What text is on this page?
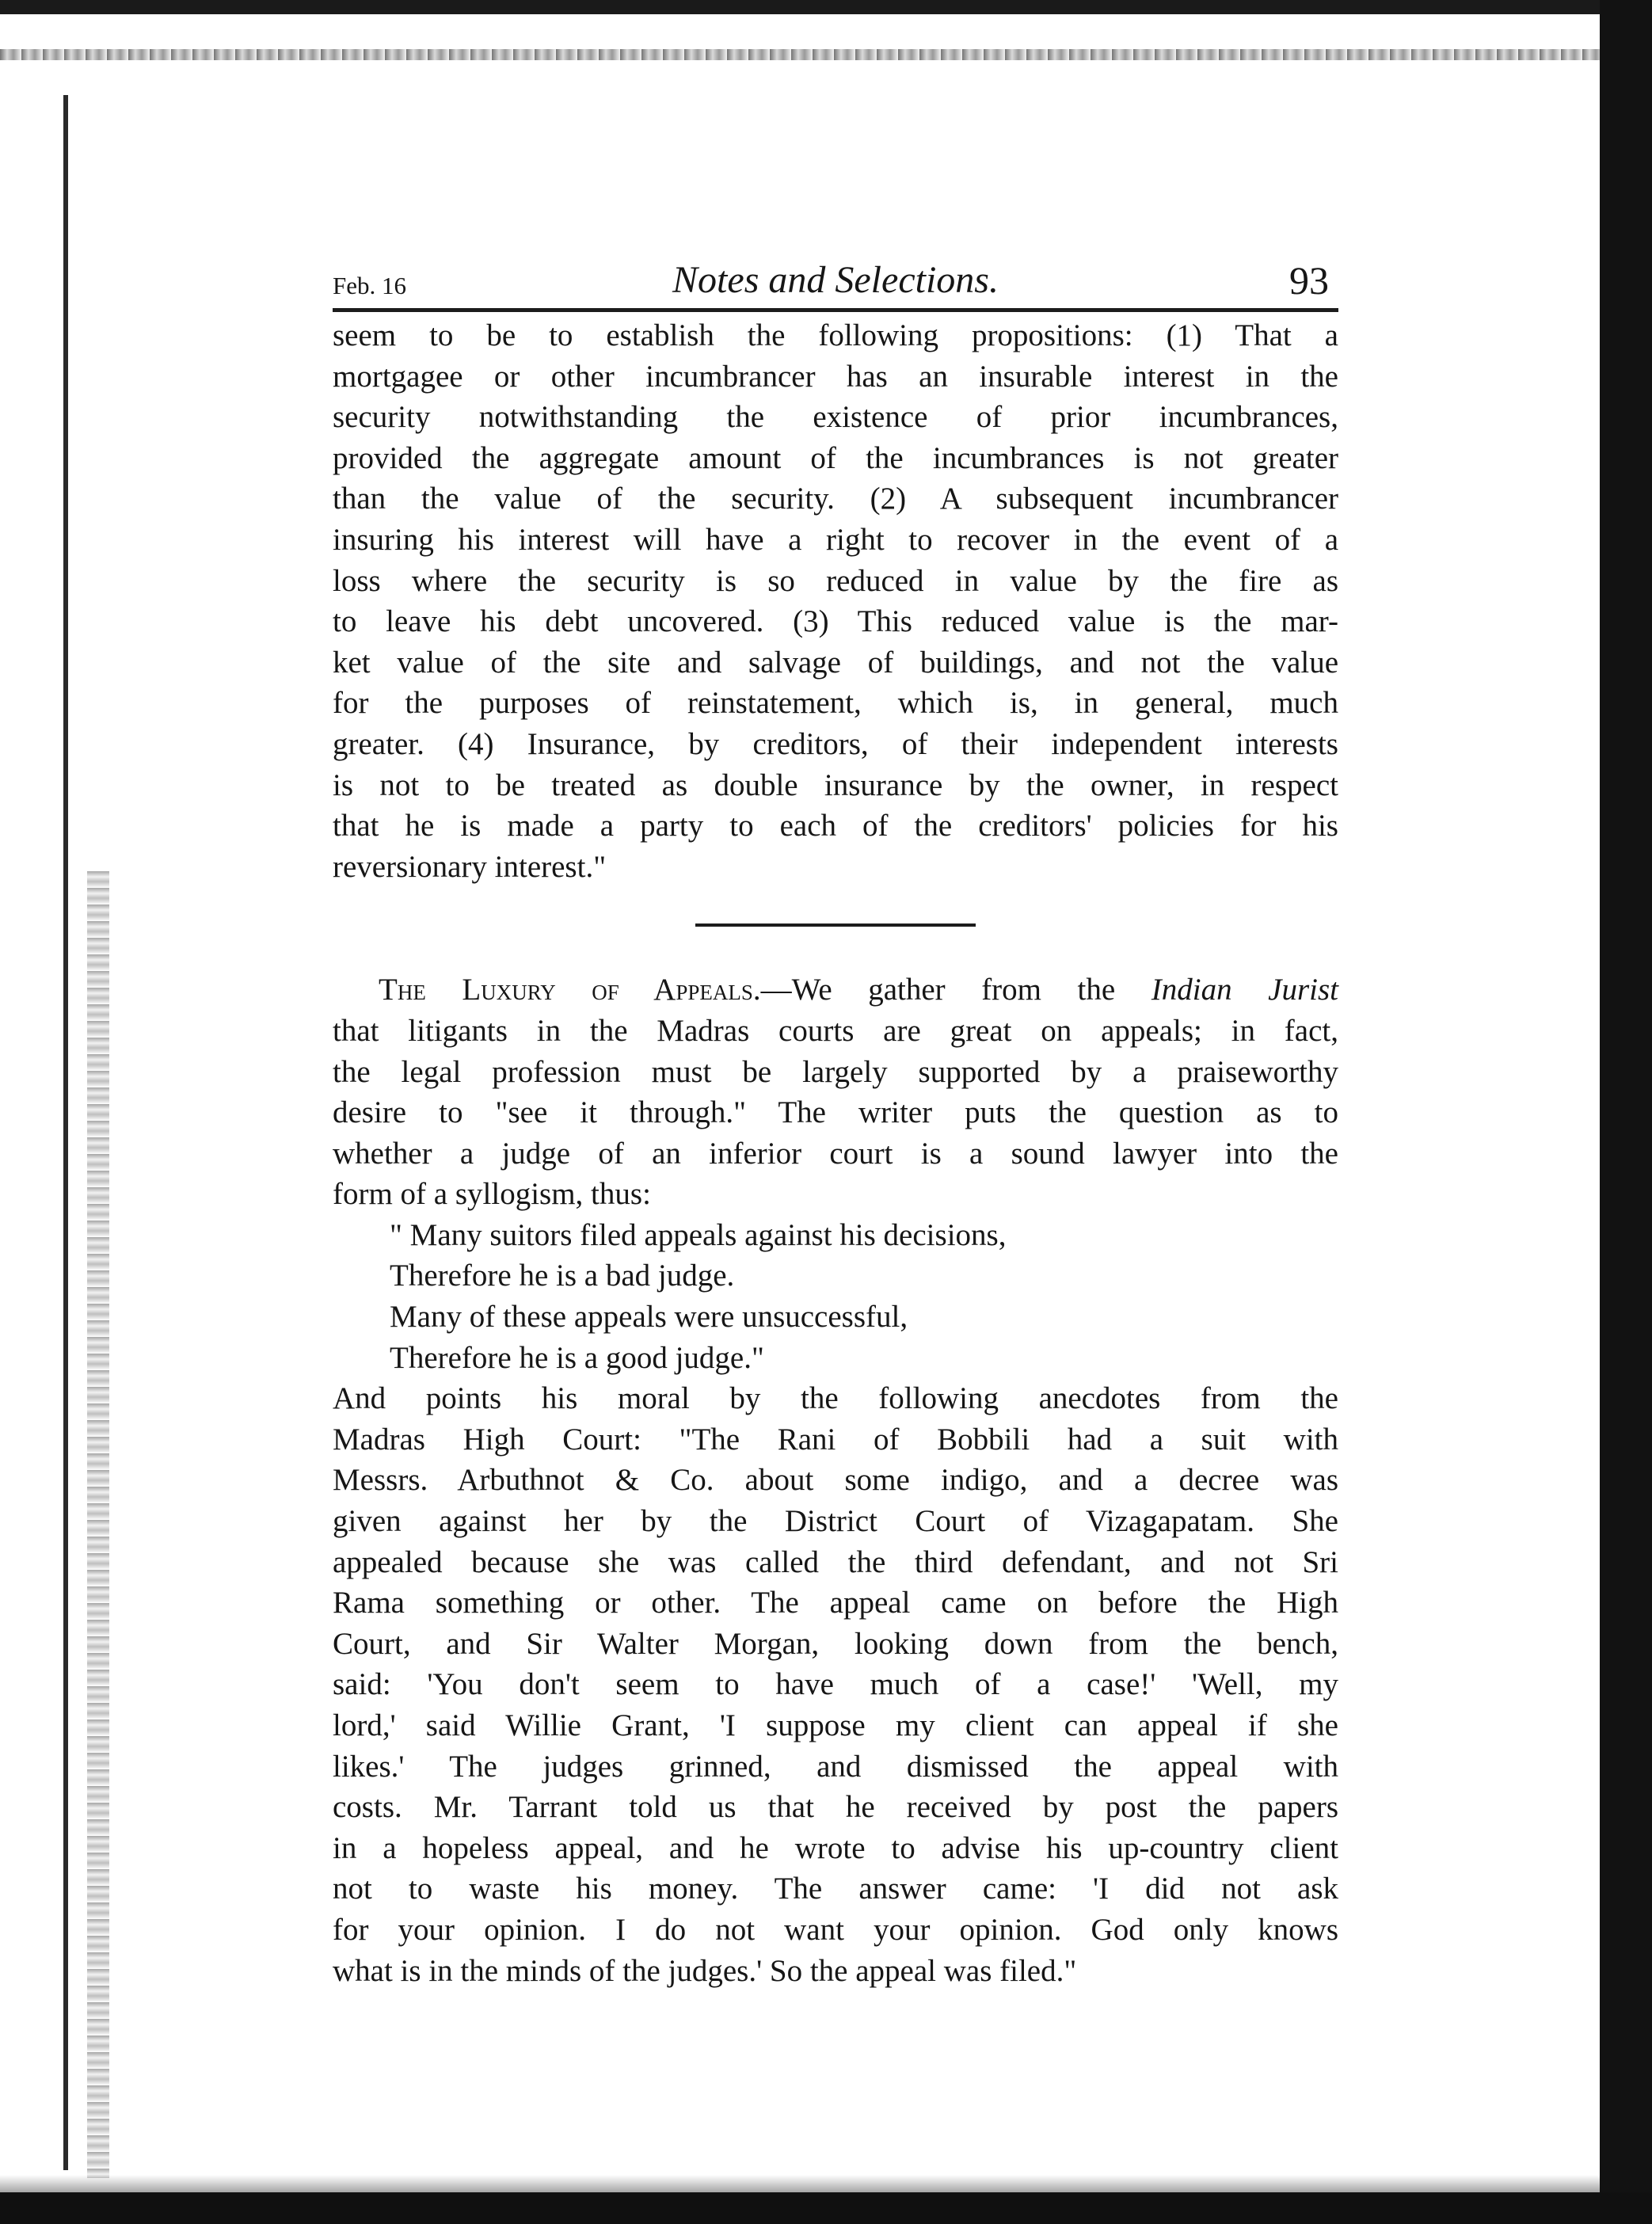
Feb. 16	Notes and Selections.	93
seem to be to establish the following propositions: (1) That a
mortgagee or other incumbrancer has an insurable interest in the
security notwithstanding the existence of prior incumbrances,
provided the aggregate amount of the incumbrances is not greater
than the value of the security. (2) A subsequent incumbrancer
insuring his interest will have a right to recover in the event of a
loss where the security is so reduced in value by the fire as
to leave his debt uncovered. (3) This reduced value is the mar-
ket value of the site and salvage of buildings, and not the value
for the purposes of reinstatement, which is, in general, much
greater. (4) Insurance, by creditors, of their independent interests
is not to be treated as double insurance by the owner, in respect
that he is made a party to each of the creditors' policies for his
reversionary interest."
The Luxury of Appeals.—We gather from the Indian Jurist
that litigants in the Madras courts are great on appeals; in fact,
the legal profession must be largely supported by a praiseworthy
desire to "see it through." The writer puts the question as to
whether a judge of an inferior court is a sound lawyer into the
form of a syllogism, thus:
" Many suitors filed appeals against his decisions,
Therefore he is a bad judge.
Many of these appeals were unsuccessful,
Therefore he is a good judge."
And points his moral by the following anecdotes from the
Madras High Court: "The Rani of Bobbili had a suit with
Messrs. Arbuthnot & Co. about some indigo, and a decree was
given against her by the District Court of Vizagapatam. She
appealed because she was called the third defendant, and not Sri
Rama something or other. The appeal came on before the High
Court, and Sir Walter Morgan, looking down from the bench,
said: 'You don't seem to have much of a case!' 'Well, my
lord,' said Willie Grant, 'I suppose my client can appeal if she
likes.' The judges grinned, and dismissed the appeal with
costs. Mr. Tarrant told us that he received by post the papers
in a hopeless appeal, and he wrote to advise his up-country client
not to waste his money. The answer came: 'I did not ask
for your opinion. I do not want your opinion. God only knows
what is in the minds of the judges.' So the appeal was filed."
